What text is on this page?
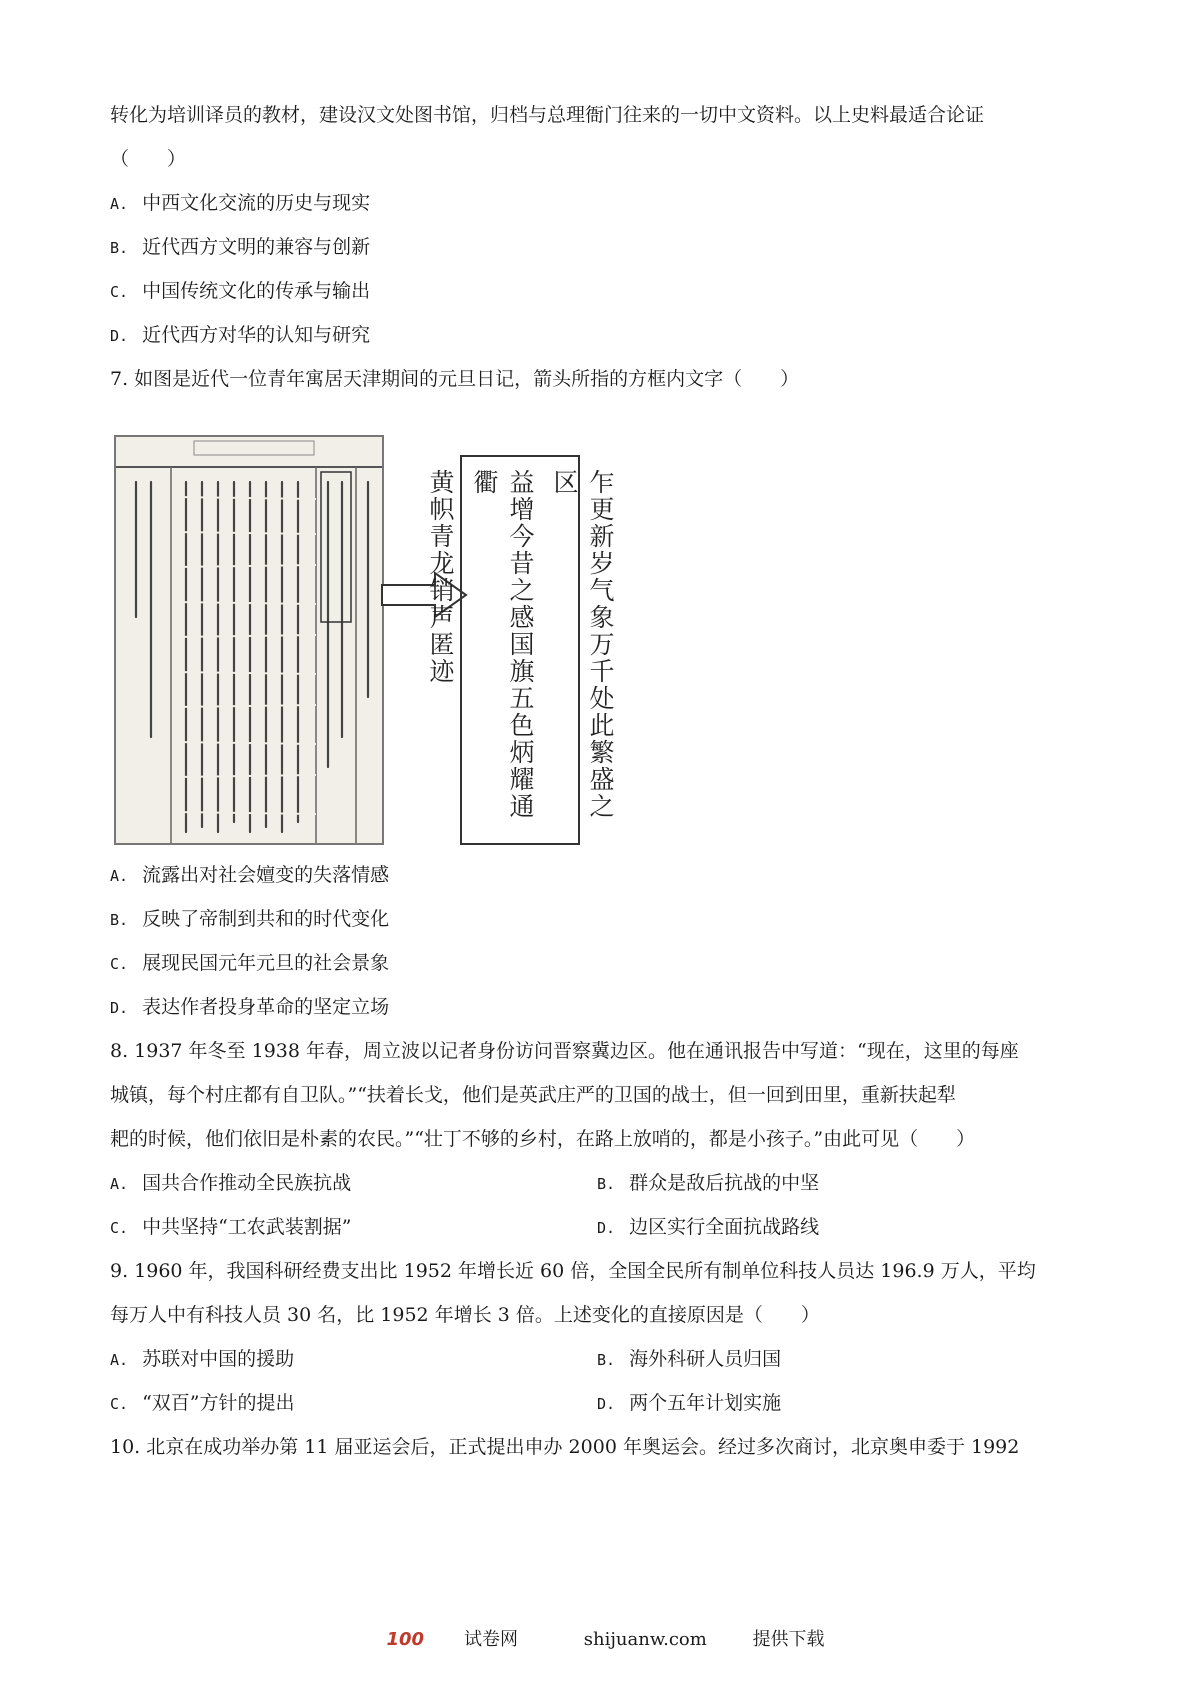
转化为培训译员的教材，建设汉文处图书馆，归档与总理衙门往来的一切中文资料。以上史料最适合论证
（　　）
A. 中西文化交流的历史与现实
B. 近代西方文明的兼容与创新
C. 中国传统文化的传承与输出
D. 近代西方对华的认知与研究
7. 如图是近代一位青年寓居天津期间的元旦日记，箭头所指的方框内文字（　　）
乍更新岁气象万千处此繁盛之区
益增今昔之感国旗五色炳耀通衢
黄帜青龙销声匿迹
A. 流露出对社会嬗变的失落情感
B. 反映了帝制到共和的时代变化
C. 展现民国元年元旦的社会景象
D. 表达作者投身革命的坚定立场
8. 1937 年冬至 1938 年春，周立波以记者身份访问晋察冀边区。他在通讯报告中写道：“现在，这里的每座
城镇，每个村庄都有自卫队。”“扶着长戈，他们是英武庄严的卫国的战士，但一回到田里，重新扶起犁
耙的时候，他们依旧是朴素的农民。”“壮丁不够的乡村，在路上放哨的，都是小孩子。”由此可见（　　）
A. 国共合作推动全民族抗战	B. 群众是敌后抗战的中坚
C. 中共坚持“工农武装割据”	D. 边区实行全面抗战路线
9. 1960 年，我国科研经费支出比 1952 年增长近 60 倍，全国全民所有制单位科技人员达 196.9 万人，平均
每万人中有科技人员 30 名，比 1952 年增长 3 倍。上述变化的直接原因是（　　）
A. 苏联对中国的援助	B. 海外科研人员归国
C. “双百”方针的提出	D. 两个五年计划实施
10. 北京在成功举办第 11 届亚运会后，正式提出申办 2000 年奥运会。经过多次商讨，北京奥申委于 1992
100 试卷网	shijuanw.com	提供下载
